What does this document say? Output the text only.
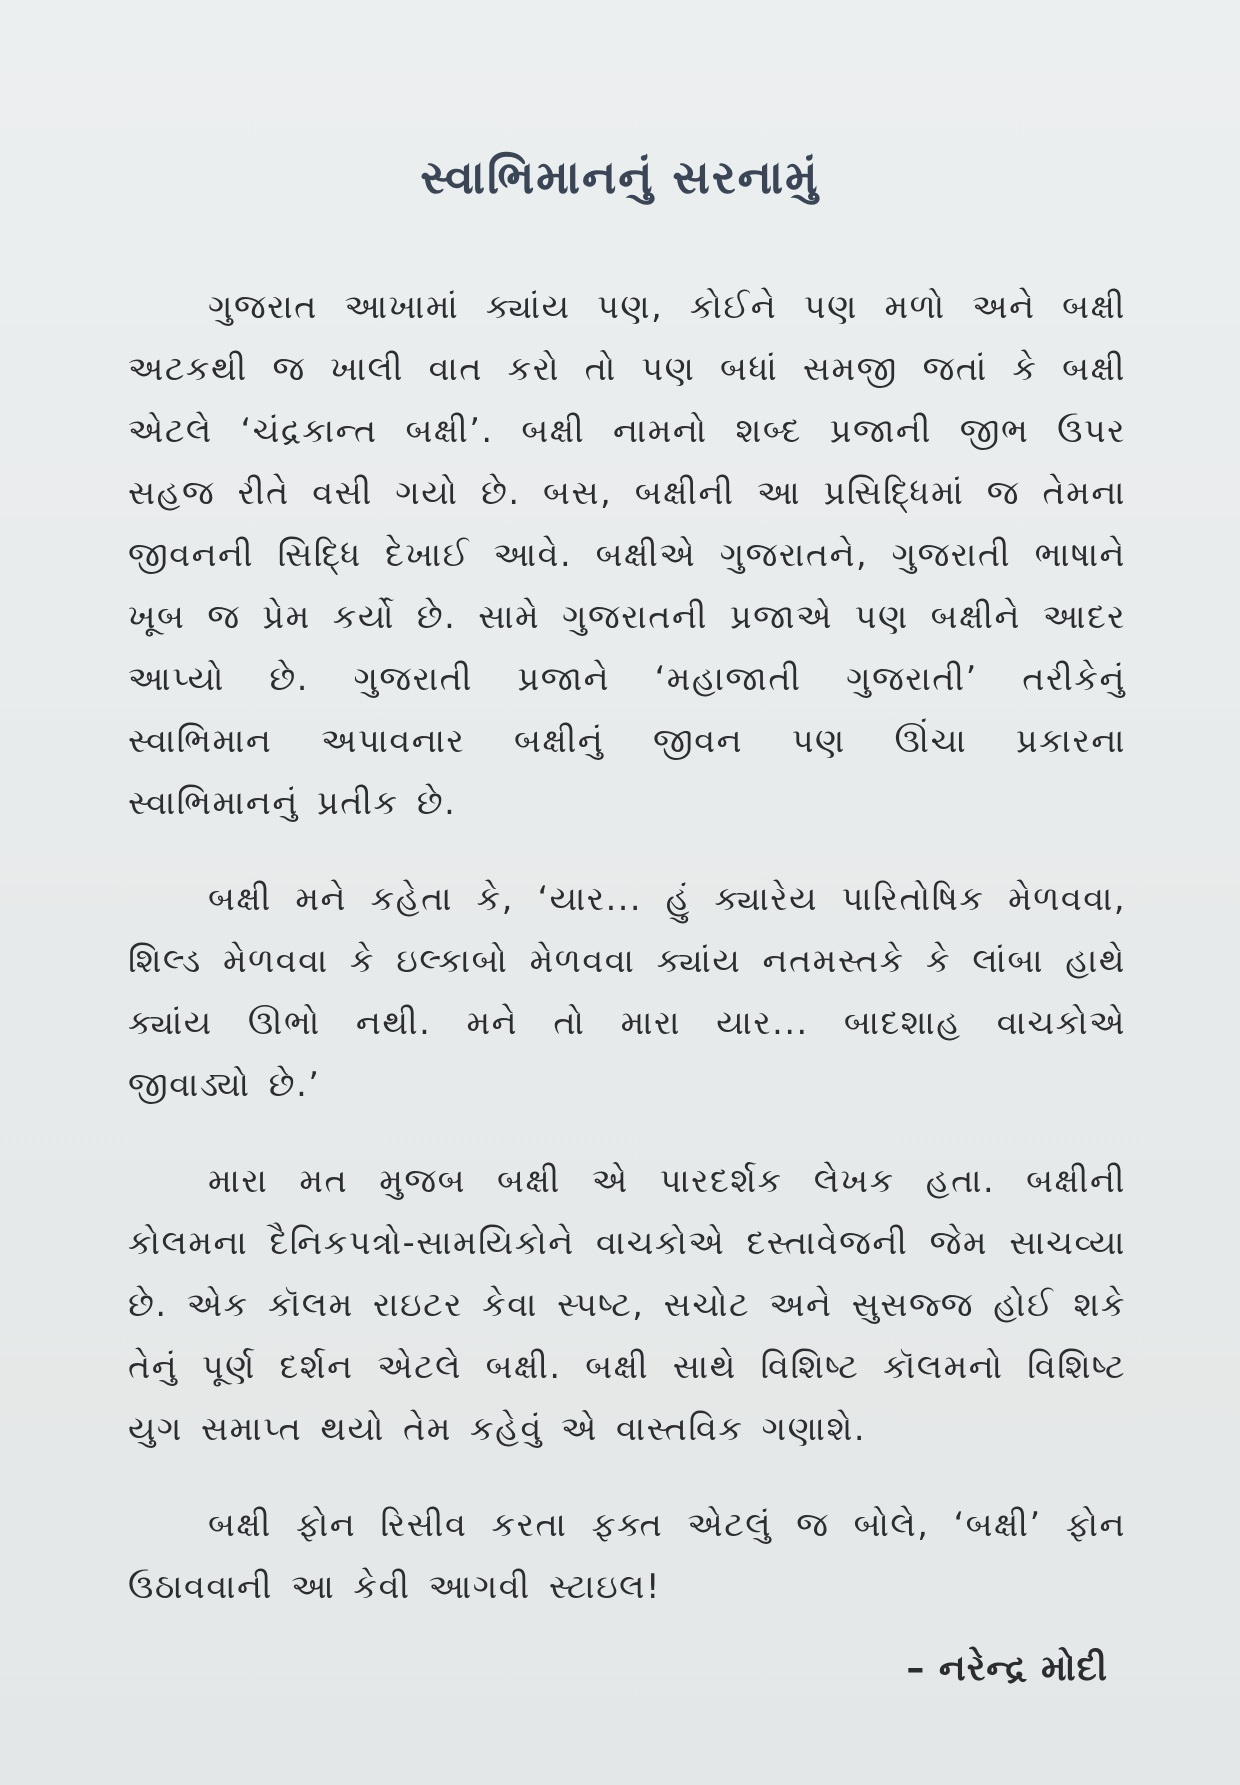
સ્વાભિમાનનું સરનામું

ગુજરાત આખામાં ક્યાંય પણ, કોઈને પણ મળો અને બક્ષી અટકથી જ ખાલી વાત કરો તો પણ બધાં સમજી જતાં કે બક્ષી એટલે ‘ચંદ્રકાન્ત બક્ષી’. બક્ષી નામનો શબ્દ પ્રજાની જીભ ઉપર સહજ રીતે વસી ગયો છે. બસ, બક્ષીની આ પ્રસિદ્ધિમાં જ તેમના જીવનની સિદ્ધિ દેખાઈ આવે. બક્ષીએ ગુજરાતને, ગુજરાતી ભાષાને ખૂબ જ પ્રેમ કર્યો છે. સામે ગુજરાતની પ્રજાએ પણ બક્ષીને આદર આપ્યો છે. ગુજરાતી પ્રજાને ‘મહાજાતી ગુજરાતી’ તરીકેનું સ્વાભિમાન અપાવનાર બક્ષીનું જીવન પણ ઊંચા પ્રકારના સ્વાભિમાનનું પ્રતીક છે.

બક્ષી મને કહેતા કે, ‘યાર... હું ક્યારેય પારિતોષિક મેળવવા, શિલ્ડ મેળવવા કે ઇલ્કાબો મેળવવા ક્યાંય નતમસ્તકે કે લાંબા હાથે ક્યાંય ઊભો નથી. મને તો મારા યાર... બાદશાહ વાચકોએ જીવાડ્યો છે.’

મારા મત મુજબ બક્ષી એ પારદર્શક લેખક હતા. બક્ષીની કોલમના દૈનિકપત્રો-સામયિકોને વાચકોએ દસ્તાવેજની જેમ સાચવ્યા છે. એક કૉલમ રાઇટર કેવા સ્પષ્ટ, સચોટ અને સુસજ્જ હોઈ શકે તેનું પૂર્ણ દર્શન એટલે બક્ષી. બક્ષી સાથે વિશિષ્ટ કૉલમનો વિશિષ્ટ યુગ સમાપ્ત થયો તેમ કહેવું એ વાસ્તવિક ગણાશે.

બક્ષી ફોન રિસીવ કરતા ફક્ત એટલું જ બોલે, ‘બક્ષી’ ફોન ઉઠાવવાની આ કેવી આગવી સ્ટાઇલ!

– નરેન્દ્ર મોદી
